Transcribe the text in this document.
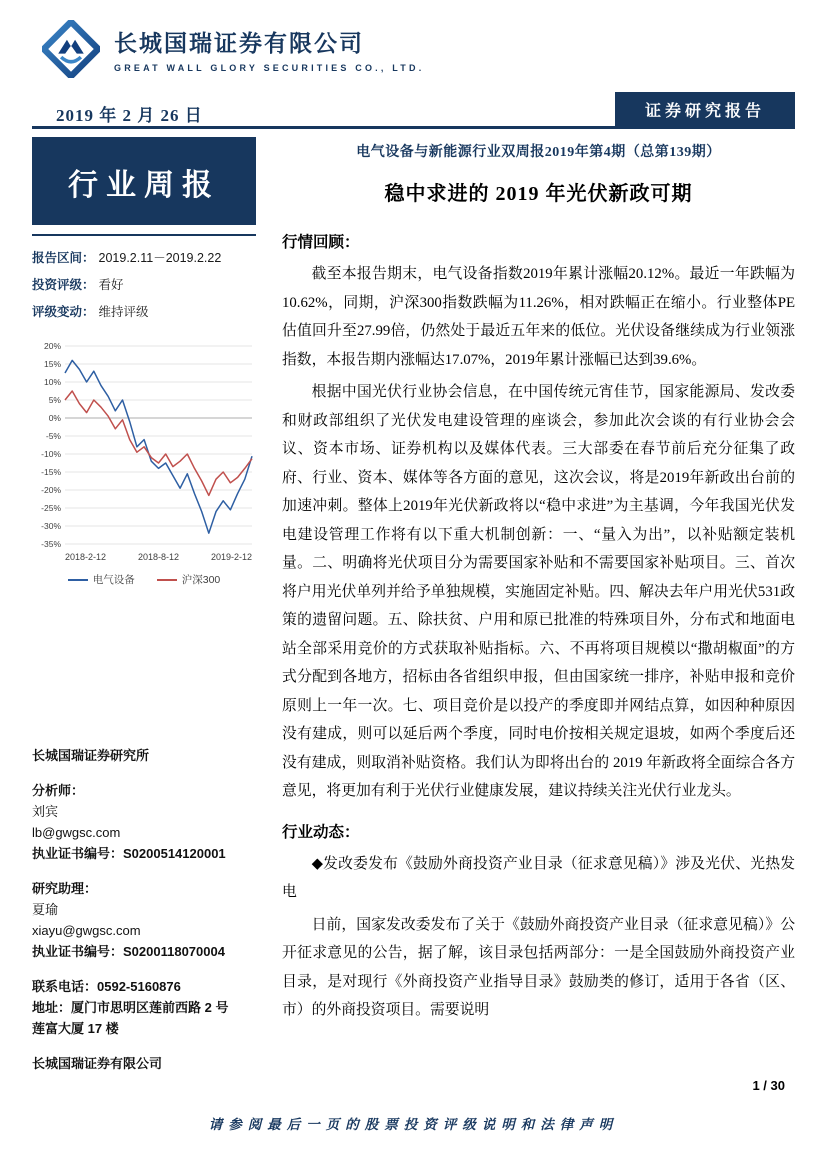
长城国瑞证券有限公司
GREAT WALL GLORY SECURITIES CO., LTD.
2019 年 2 月 26 日	证券研究报告
行业周报
报告区间： 2019.2.11－2019.2.22
投资评级： 看好
评级变动： 维持评级
20%
15%
10%
5%
0%
-5%
-10%
-15%
-20%
-25%
-30%
-35%
2018-2-12	2018-8-12	2019-2-12
电气设备	沪深300
长城国瑞证券研究所
分析师：
刘宾
lb@gwgsc.com
执业证书编号：S0200514120001
研究助理：
夏瑜
xiayu@gwgsc.com
执业证书编号：S0200118070004
联系电话：0592-5160876
地址：厦门市思明区莲前西路 2 号
莲富大厦 17 楼
长城国瑞证券有限公司
电气设备与新能源行业双周报2019年第4期（总第139期）
稳中求进的 2019 年光伏新政可期
行情回顾：

截至本报告期末，电气设备指数2019年累计涨幅20.12%。最近一年跌幅为10.62%，同期，沪深300指数跌幅为11.26%，相对跌幅正在缩小。行业整体PE估值回升至27.99倍，仍然处于最近五年来的低位。光伏设备继续成为行业领涨指数，本报告期内涨幅达17.07%，2019年累计涨幅已达到39.6%。

根据中国光伏行业协会信息，在中国传统元宵佳节，国家能源局、发改委和财政部组织了光伏发电建设管理的座谈会，参加此次会谈的有行业协会会议、资本市场、证券机构以及媒体代表。三大部委在春节前后充分征集了政府、行业、资本、媒体等各方面的意见，这次会议，将是2019年新政出台前的加速冲刺。整体上2019年光伏新政将以“稳中求进”为主基调，今年我国光伏发电建设管理工作将有以下重大机制创新：一、“量入为出”，以补贴额定装机量。二、明确将光伏项目分为需要国家补贴和不需要国家补贴项目。三、首次将户用光伏单列并给予单独规模，实施固定补贴。四、解决去年户用光伏531政策的遗留问题。五、除扶贫、户用和原已批准的特殊项目外，分布式和地面电站全部采用竞价的方式获取补贴指标。六、不再将项目规模以“撒胡椒面”的方式分配到各地方，招标由各省组织申报，但由国家统一排序，补贴申报和竞价原则上一年一次。七、项目竞价是以投产的季度即并网结点算，如因种种原因没有建成，则可以延后两个季度，同时电价按相关规定退坡，如两个季度后还没有建成，则取消补贴资格。我们认为即将出台的 2019 年新政将全面综合各方意见，将更加有利于光伏行业健康发展，建议持续关注光伏行业龙头。

行业动态：

◆发改委发布《鼓励外商投资产业目录（征求意见稿）》涉及光伏、光热发电

日前，国家发改委发布了关于《鼓励外商投资产业目录（征求意见稿）》公开征求意见的公告，据了解，该目录包括两部分：一是全国鼓励外商投资产业目录，是对现行《外商投资产业指导目录》鼓励类的修订，适用于各省（区、市）的外商投资项目。需要说明

1 / 30
请参阅最后一页的股票投资评级说明和法律声明
